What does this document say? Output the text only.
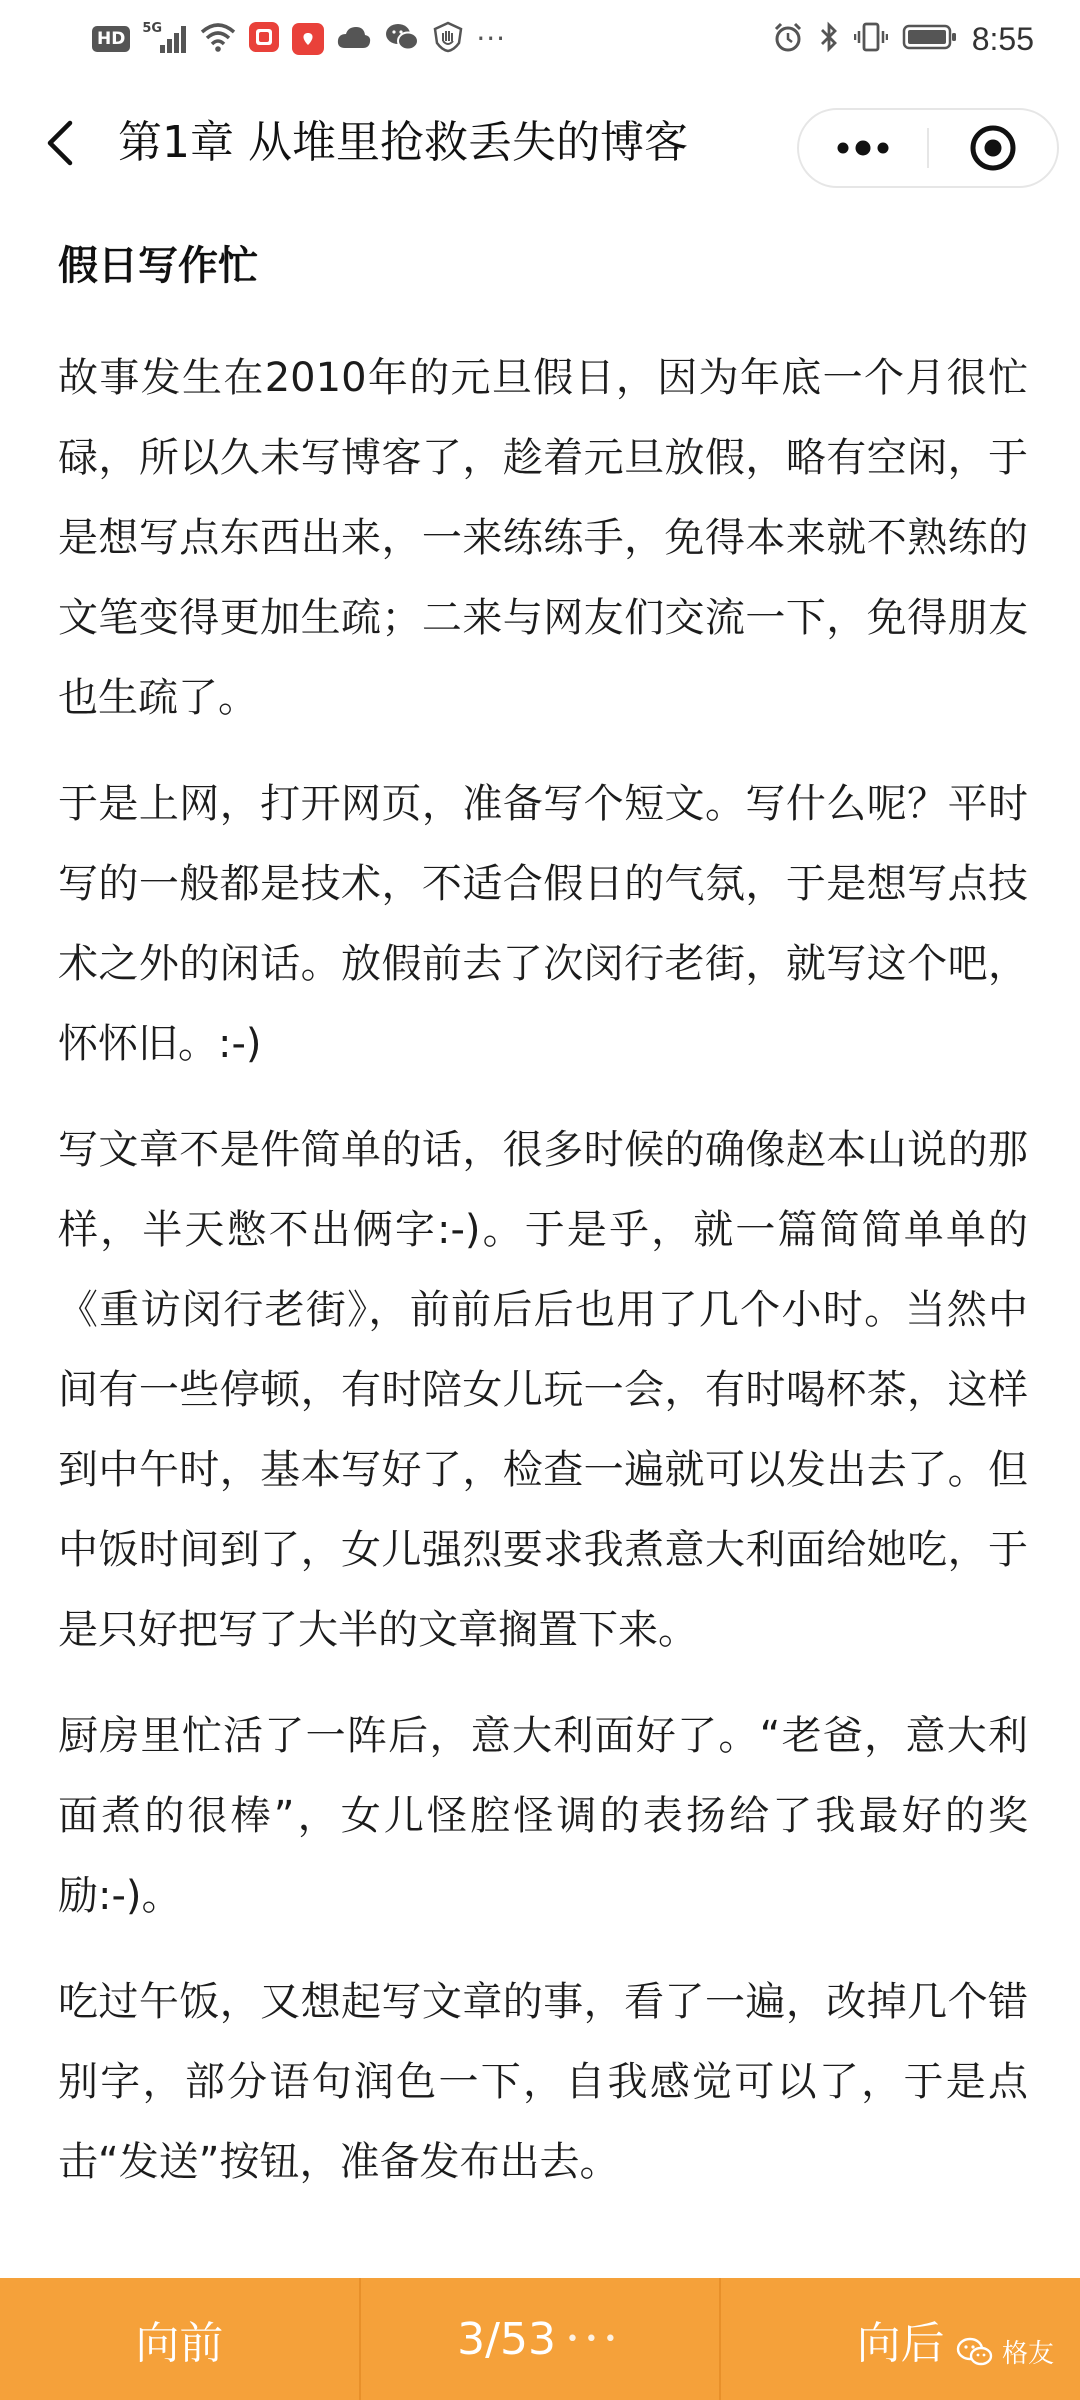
HD
5G	···	8:55
第1章 从堆里抢救丢失的博客
假日写作忙

故事发生在2010年的元旦假日，因为年底一个月很忙碌，所以久未写博客了，趁着元旦放假，略有空闲，于是想写点东西出来，一来练练手，免得本来就不熟练的文笔变得更加生疏；二来与网友们交流一下，免得朋友也生疏了。

于是上网，打开网页，准备写个短文。写什么呢？平时写的一般都是技术，不适合假日的气氛，于是想写点技术之外的闲话。放假前去了次闵行老街，就写这个吧，怀怀旧。:-)

写文章不是件简单的话，很多时候的确像赵本山说的那样，半天憋不出俩字:-)。于是乎，就一篇简简单单的《重访闵行老街》，前前后后也用了几个小时。当然中间有一些停顿，有时陪女儿玩一会，有时喝杯茶，这样到中午时，基本写好了，检查一遍就可以发出去了。但中饭时间到了，女儿强烈要求我煮意大利面给她吃，于是只好把写了大半的文章搁置下来。

厨房里忙活了一阵后，意大利面好了。“老爸，意大利面煮的很棒”，女儿怪腔怪调的表扬给了我最好的奖励:-)。

吃过午饭，又想起写文章的事，看了一遍，改掉几个错别字，部分语句润色一下，自我感觉可以了，于是点击“发送”按钮，准备发布出去。

向前	3/53 •••	向后 格友
